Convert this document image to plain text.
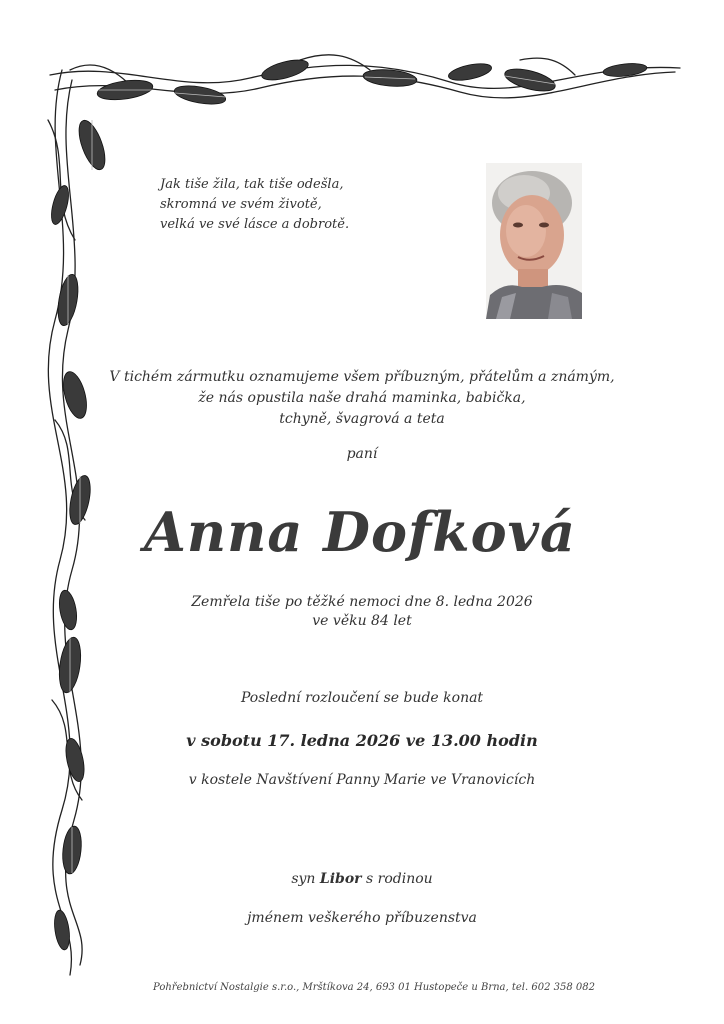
Jak tiše žila, tak tiše odešla,
skromná ve svém životě,
velká ve své lásce a dobrotě.
V tichém zármutku oznamujeme všem příbuzným, přátelům a známým,
že nás opustila naše drahá maminka, babička,
tchyně, švagrová a teta
paní
Anna Dofková
Zemřela tiše po těžké nemoci dne 8. ledna 2026
ve věku 84 let
Poslední rozloučení se bude konat
v sobotu 17. ledna 2026 ve 13.00 hodin
v kostele Navštívení Panny Marie ve Vranovicích
syn Libor s rodinou
jménem veškerého příbuzenstva
Pohřebnictví Nostalgie s.r.o., Mrštíkova 24, 693 01 Hustopeče u Brna, tel. 602 358 082
